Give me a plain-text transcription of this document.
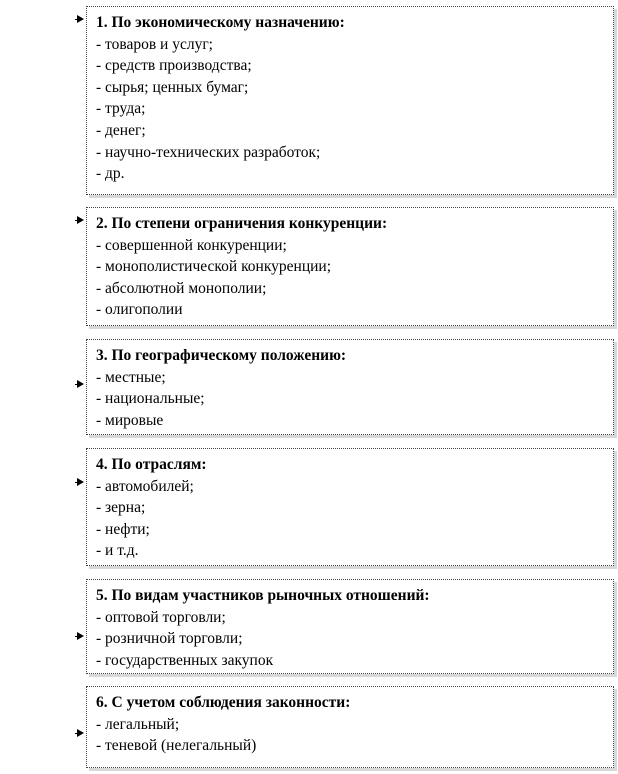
1. По экономическому назначению:
- товаров и услуг;
- средств производства;
- сырья; ценных бумаг;
- труда;
- денег;
- научно-технических разработок;
- др.
2. По степени ограничения конкуренции:
- совершенной конкуренции;
- монополистической конкуренции;
- абсолютной монополии;
- олигополии
3. По географическому положению:
- местные;
- национальные;
- мировые
4. По отраслям:
- автомобилей;
- зерна;
- нефти;
- и т.д.
5. По видам участников рыночных отношений:
- оптовой торговли;
- розничной торговли;
- государственных закупок
6. С учетом соблюдения законности:
- легальный;
- теневой (нелегальный)
